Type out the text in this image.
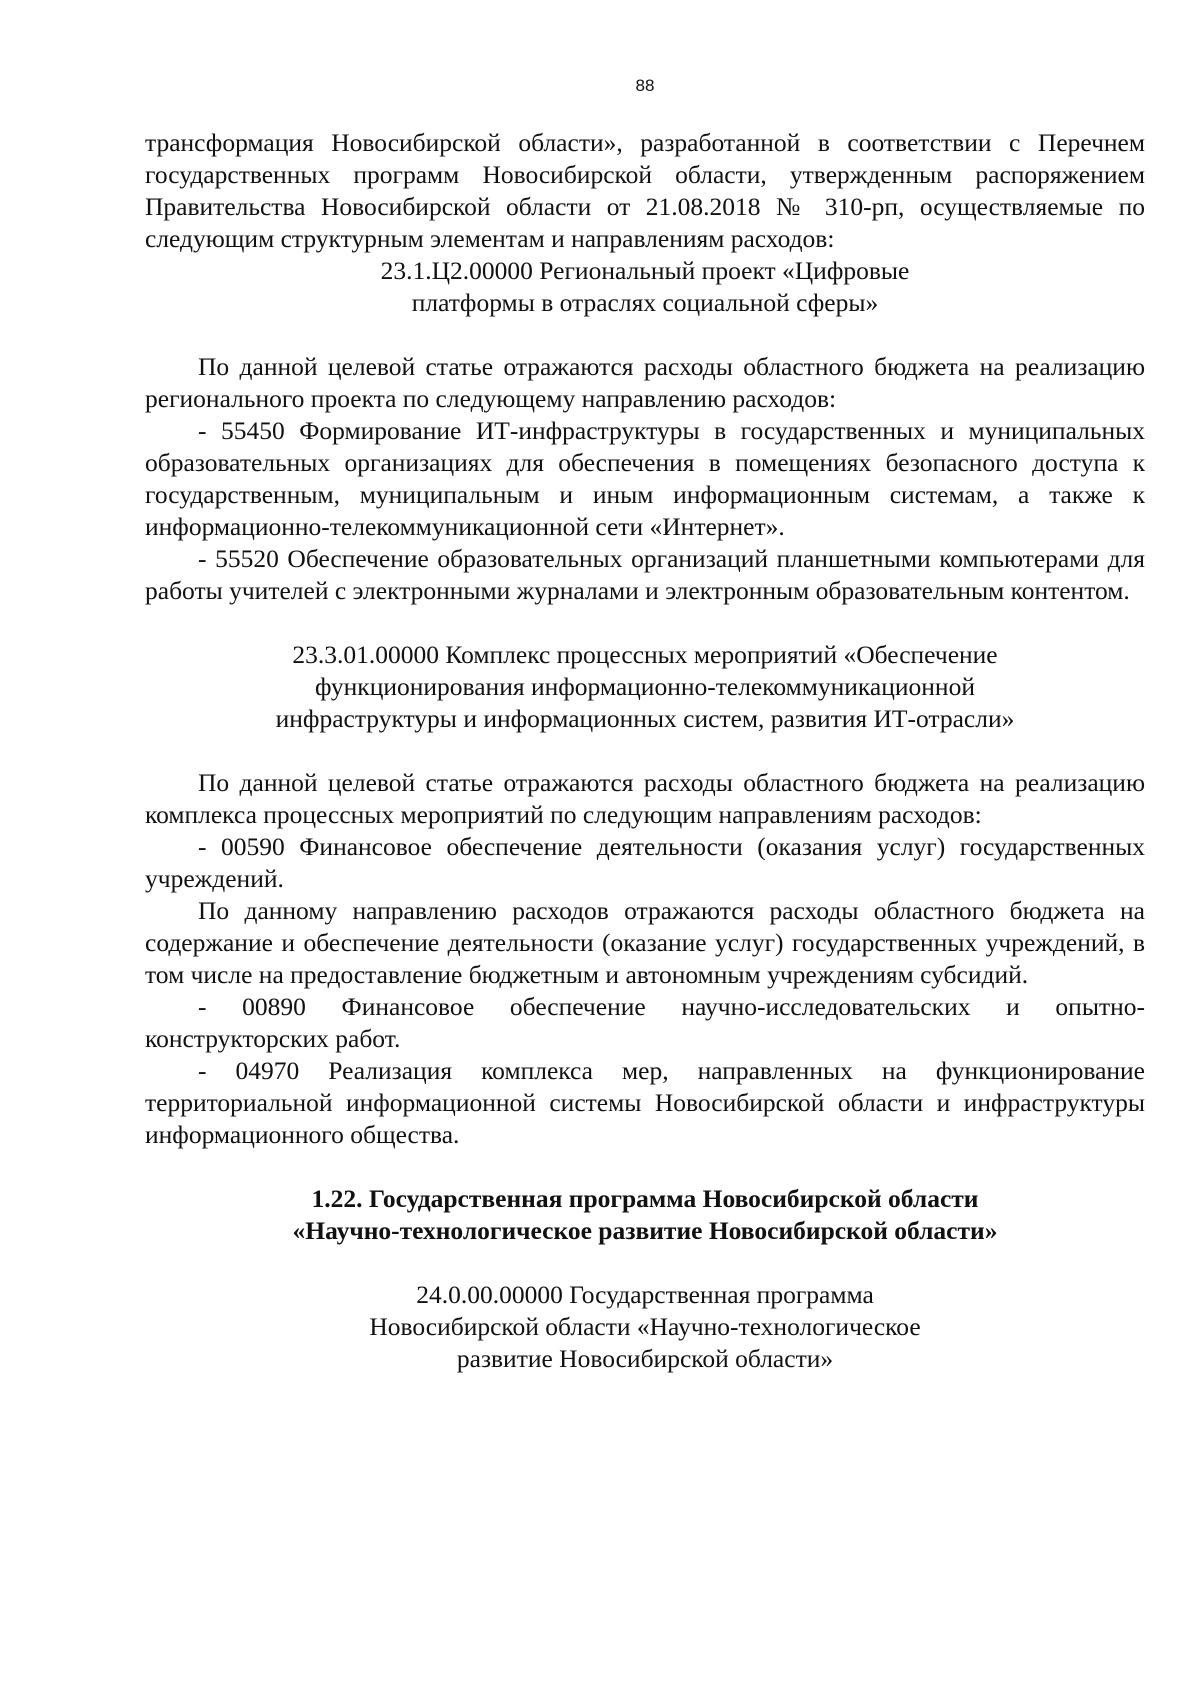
88

трансформация Новосибирской области», разработанной в соответствии с Перечнем государственных программ Новосибирской области, утвержденным распоряжением Правительства Новосибирской области от 21.08.2018 № 310-рп, осуществляемые по следующим структурным элементам и направлениям расходов:

23.1.Ц2.00000 Региональный проект «Цифровые
платформы в отраслях социальной сферы»

По данной целевой статье отражаются расходы областного бюджета на реализацию регионального проекта по следующему направлению расходов:

- 55450 Формирование ИТ-инфраструктуры в государственных и муниципальных образовательных организациях для обеспечения в помещениях безопасного доступа к государственным, муниципальным и иным информационным системам, а также к информационно-телекоммуникационной сети «Интернет».

- 55520 Обеспечение образовательных организаций планшетными компьютерами для работы учителей с электронными журналами и электронным образовательным контентом.

23.3.01.00000 Комплекс процессных мероприятий «Обеспечение
функционирования информационно-телекоммуникационной
инфраструктуры и информационных систем, развития ИТ-отрасли»

По данной целевой статье отражаются расходы областного бюджета на реализацию комплекса процессных мероприятий по следующим направлениям расходов:

- 00590 Финансовое обеспечение деятельности (оказания услуг) государственных учреждений.

По данному направлению расходов отражаются расходы областного бюджета на содержание и обеспечение деятельности (оказание услуг) государственных учреждений, в том числе на предоставление бюджетным и автономным учреждениям субсидий.

- 00890 Финансовое обеспечение научно-исследовательских и опытно-конструкторских работ.

- 04970 Реализация комплекса мер, направленных на функционирование территориальной информационной системы Новосибирской области и инфраструктуры информационного общества.

1.22. Государственная программа Новосибирской области
«Научно-технологическое развитие Новосибирской области»
24.0.00.00000 Государственная программа
Новосибирской области «Научно-технологическое
развитие Новосибирской области»
